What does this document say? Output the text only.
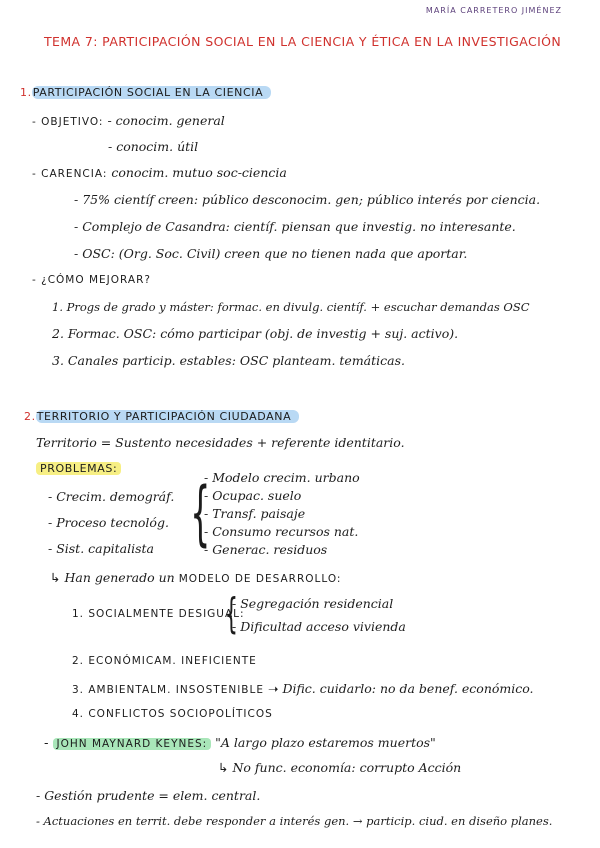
MARÍA CARRETERO JIMÉNEZ
TEMA 7: PARTICIPACIÓN SOCIAL EN LA CIENCIA Y ÉTICA EN LA INVESTIGACIÓN
1.PARTICIPACIÓN SOCIAL EN LA CIENCIA
- OBJETIVO: - conocim. general
- conocim. útil
- CARENCIA: conocim. mutuo soc-ciencia
- 75% científ creen: público desconocim. gen; público interés por ciencia.
- Complejo de Casandra: científ. piensan que investig. no interesante.
- OSC: (Org. Soc. Civil) creen que no tienen nada que aportar.
- ¿CÓMO MEJORAR?
1. Progs de grado y máster: formac. en divulg. científ. + escuchar demandas OSC
2. Formac. OSC: cómo participar (obj. de investig + suj. activo).
3. Canales particip. estables: OSC planteam. temáticas.
2.TERRITORIO Y PARTICIPACIÓN CIUDADANA
Territorio = Sustento necesidades + referente identitario.
PROBLEMAS:
- Crecim. demográf.
- Proceso tecnológ.
- Sist. capitalista {
- Modelo crecim. urbano
- Ocupac. suelo
- Transf. paisaje
- Consumo recursos nat.
- Generac. residuos
↳ Han generado un MODELO DE DESARROLLO:
1. SOCIALMENTE DESIGUAL:
{
- Segregación residencial
- Dificultad acceso vivienda
2. ECONÓMICAM. INEFICIENTE
3. AMBIENTALM. INSOSTENIBLE ➝ Dific. cuidarlo: no da benef. económico.
4. CONFLICTOS SOCIOPOLÍTICOS
- JOHN MAYNARD KEYNES: "A largo plazo estaremos muertos"
↳ No func. economía: corrupto Acción
- Gestión prudente = elem. central.
- Actuaciones en territ. debe responder a interés gen. → particip. ciud. en diseño planes.
